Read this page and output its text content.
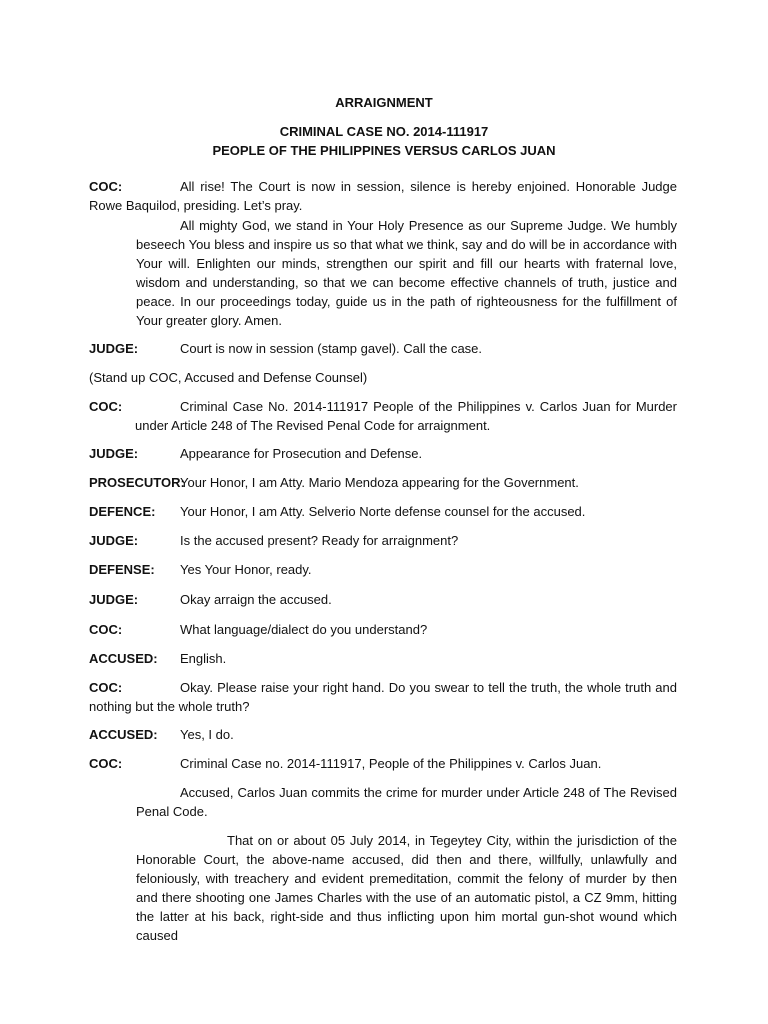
ARRAIGNMENT
CRIMINAL CASE NO. 2014-111917
PEOPLE OF THE PHILIPPINES VERSUS CARLOS JUAN
COC:	All rise! The Court is now in session, silence is hereby enjoined. Honorable Judge Rowe Baquilod, presiding. Let’s pray.
All mighty God, we stand in Your Holy Presence as our Supreme Judge. We humbly beseech You bless and inspire us so that what we think, say and do will be in accordance with Your will. Enlighten our minds, strengthen our spirit and fill our hearts with fraternal love, wisdom and understanding, so that we can become effective channels of truth, justice and peace. In our proceedings today, guide us in the path of righteousness for the fulfillment of Your greater glory. Amen.
JUDGE:	Court is now in session (stamp gavel). Call the case.
(Stand up COC, Accused and Defense Counsel)
COC:	Criminal Case No. 2014-111917 People of the Philippines v. Carlos Juan for Murder under Article 248 of The Revised Penal Code for arraignment.
JUDGE:	Appearance for Prosecution and Defense.
PROSECUTOR:
Your Honor, I am Atty. Mario Mendoza appearing for the Government.
DEFENCE:	Your Honor, I am Atty. Selverio Norte defense counsel for the accused.
JUDGE:	Is the accused present? Ready for arraignment?
DEFENSE:	Yes Your Honor, ready.
JUDGE:	Okay arraign the accused.
COC:	What language/dialect do you understand?
ACCUSED:	English.
COC:	Okay. Please raise your right hand. Do you swear to tell the truth, the whole truth and nothing but the whole truth?
ACCUSED:	Yes, I do.
COC:	Criminal Case no. 2014-111917, People of the Philippines v. Carlos Juan.
Accused, Carlos Juan commits the crime for murder under Article 248 of The Revised Penal Code.
That on or about 05 July 2014, in Tegeytey City, within the jurisdiction of the Honorable Court, the above-name accused, did then and there, willfully, unlawfully and feloniously, with treachery and evident premeditation, commit the felony of murder by then and there shooting one James Charles with the use of an automatic pistol, a CZ 9mm, hitting the latter at his back, right-side and thus inflicting upon him mortal gun-shot wound which caused
